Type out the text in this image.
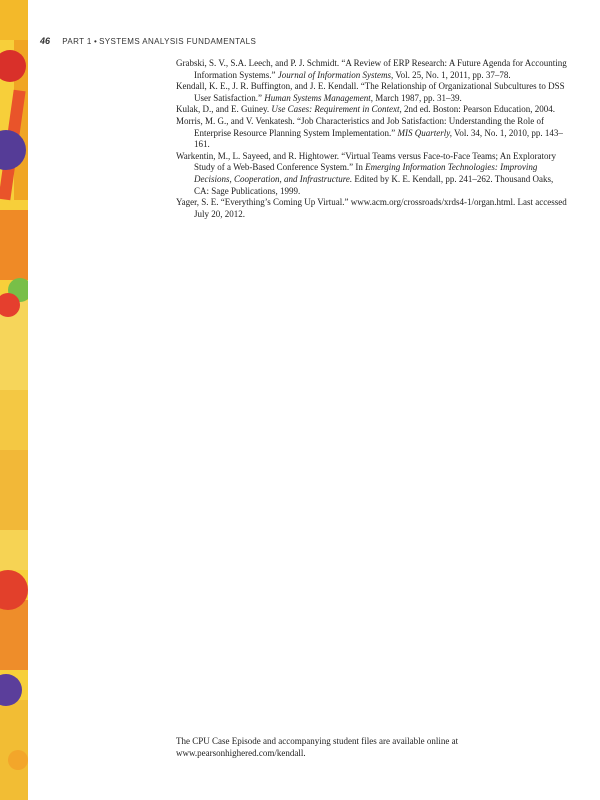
46 PART 1 • SYSTEMS ANALYSIS FUNDAMENTALS

Grabski, S. V., S.A. Leech, and P. J. Schmidt. “A Review of ERP Research: A Future Agenda for Accounting Information Systems.” Journal of Information Systems, Vol. 25, No. 1, 2011, pp. 37–78.

Kendall, K. E., J. R. Buffington, and J. E. Kendall. “The Relationship of Organizational Subcultures to DSS User Satisfaction.” Human Systems Management, March 1987, pp. 31–39.

Kulak, D., and E. Guiney. Use Cases: Requirement in Context, 2nd ed. Boston: Pearson Education, 2004.

Morris, M. G., and V. Venkatesh. “Job Characteristics and Job Satisfaction: Understanding the Role of Enterprise Resource Planning System Implementation.” MIS Quarterly, Vol. 34, No. 1, 2010, pp. 143–161.

Warkentin, M., L. Sayeed, and R. Hightower. “Virtual Teams versus Face-to-Face Teams; An Exploratory Study of a Web-Based Conference System.” In Emerging Information Technologies: Improving Decisions, Cooperation, and Infrastructure. Edited by K. E. Kendall, pp. 241–262. Thousand Oaks, CA: Sage Publications, 1999.

Yager, S. E. “Everything’s Coming Up Virtual.” www.acm.org/crossroads/xrds4-1/organ.html. Last accessed July 20, 2012.

The CPU Case Episode and accompanying student files are available online at www.pearsonhighered.com/kendall.
